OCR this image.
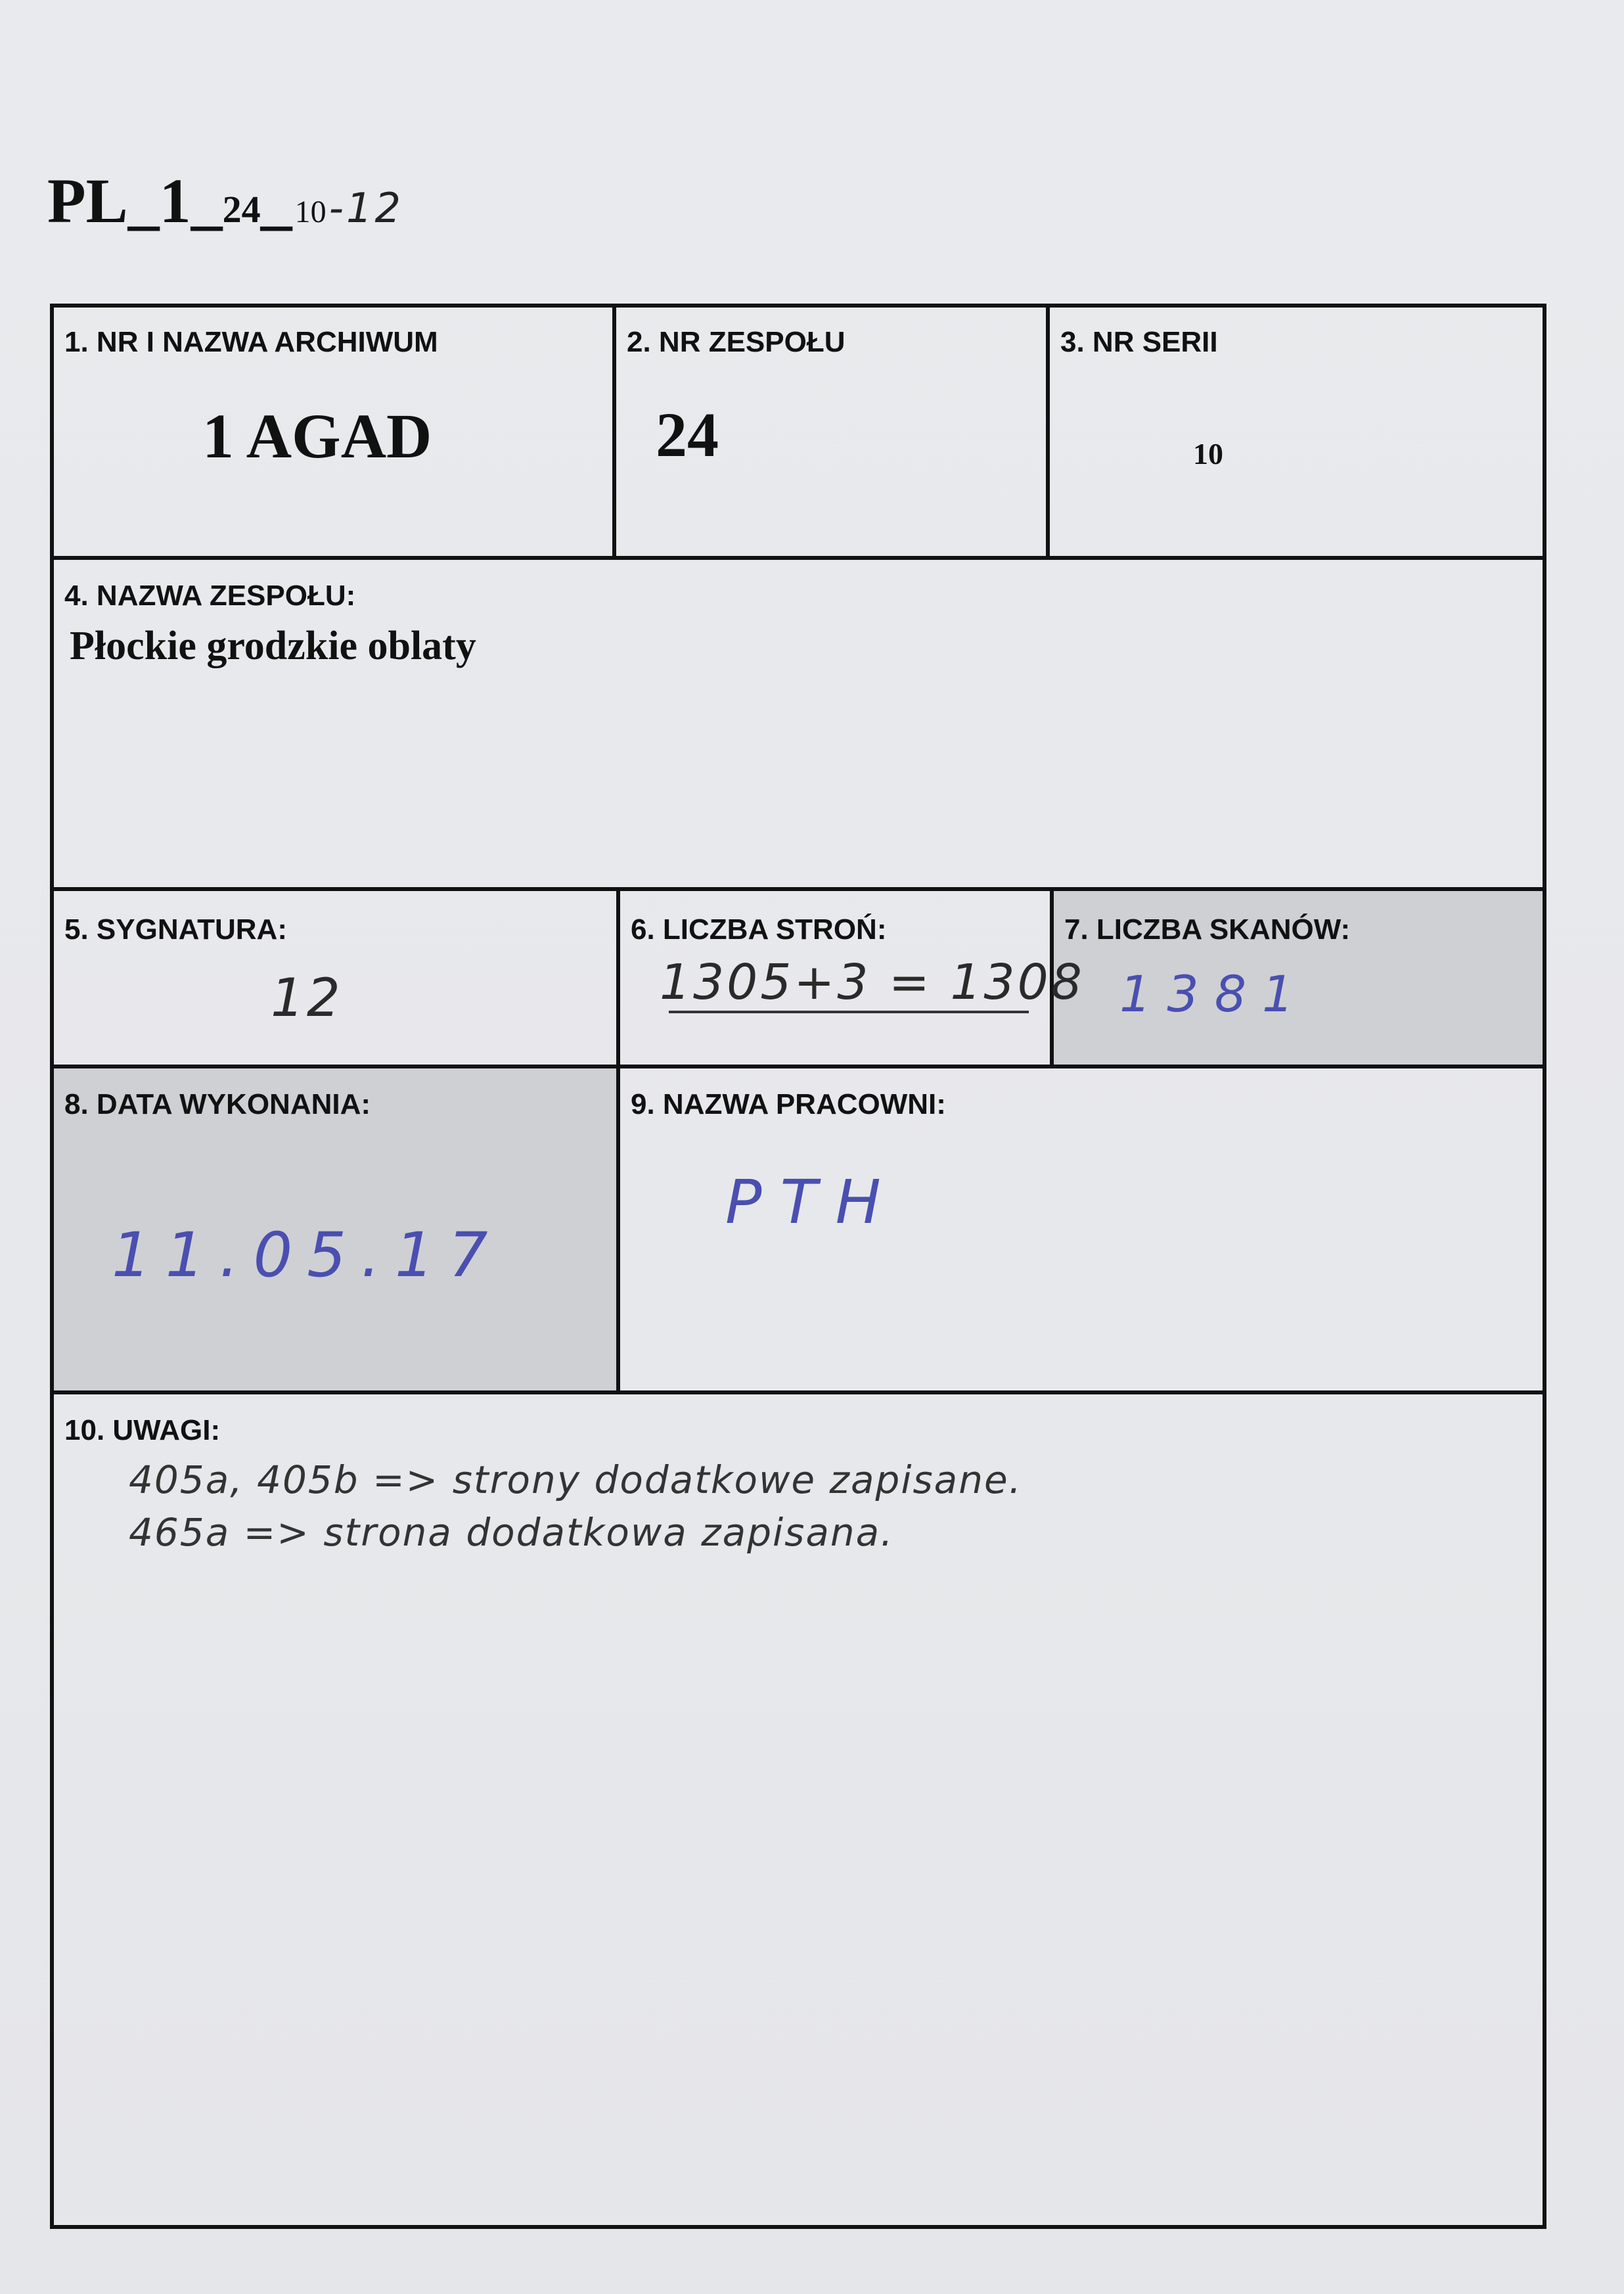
PL_1_24_ 10 -12
1. NR I NAZWA ARCHIWUM
1 AGAD
2. NR ZESPOŁU
24
3. NR SERII
10
4. NAZWA ZESPOŁU:
Płockie grodzkie oblaty
5. SYGNATURA:
12
6. LICZBA STROŃ:
1305+3 = 1308
7. LICZBA SKANÓW:
1381
8. DATA WYKONANIA:
11.05.17
9. NAZWA PRACOWNI:
PTH
10. UWAGI:
405a, 405b => strony dodatkowe zapisane.
465a => strona dodatkowa zapisana.
